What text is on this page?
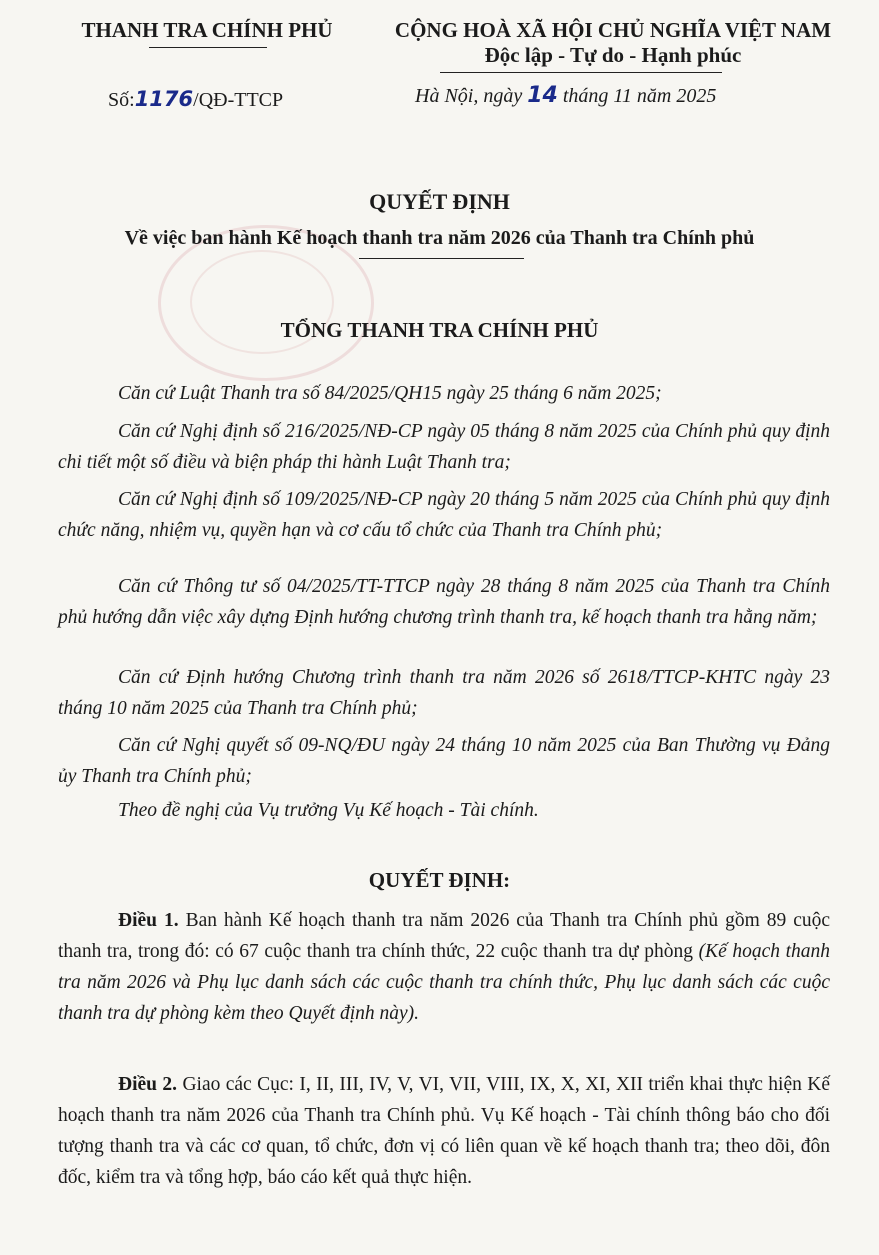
THANH TRA CHÍNH PHỦ	CỘNG HOÀ XÃ HỘI CHỦ NGHĨA VIỆT NAM
Độc lập - Tự do - Hạnh phúc
Số:1176/QĐ-TTCP	Hà Nội, ngày 14 tháng 11 năm 2025
QUYẾT ĐỊNH
Về việc ban hành Kế hoạch thanh tra năm 2026 của Thanh tra Chính phủ
TỔNG THANH TRA CHÍNH PHỦ
Căn cứ Luật Thanh tra số 84/2025/QH15 ngày 25 tháng 6 năm 2025;
Căn cứ Nghị định số 216/2025/NĐ-CP ngày 05 tháng 8 năm 2025 của Chính phủ quy định chi tiết một số điều và biện pháp thi hành Luật Thanh tra;
Căn cứ Nghị định số 109/2025/NĐ-CP ngày 20 tháng 5 năm 2025 của Chính phủ quy định chức năng, nhiệm vụ, quyền hạn và cơ cấu tổ chức của Thanh tra Chính phủ;
Căn cứ Thông tư số 04/2025/TT-TTCP ngày 28 tháng 8 năm 2025 của Thanh tra Chính phủ hướng dẫn việc xây dựng Định hướng chương trình thanh tra, kế hoạch thanh tra hằng năm;
Căn cứ Định hướng Chương trình thanh tra năm 2026 số 2618/TTCP-KHTC ngày 23 tháng 10 năm 2025 của Thanh tra Chính phủ;
Căn cứ Nghị quyết số 09-NQ/ĐU ngày 24 tháng 10 năm 2025 của Ban Thường vụ Đảng ủy Thanh tra Chính phủ;
Theo đề nghị của Vụ trưởng Vụ Kế hoạch - Tài chính.
QUYẾT ĐỊNH:
Điều 1. Ban hành Kế hoạch thanh tra năm 2026 của Thanh tra Chính phủ gồm 89 cuộc thanh tra, trong đó: có 67 cuộc thanh tra chính thức, 22 cuộc thanh tra dự phòng (Kế hoạch thanh tra năm 2026 và Phụ lục danh sách các cuộc thanh tra chính thức, Phụ lục danh sách các cuộc thanh tra dự phòng kèm theo Quyết định này).
Điều 2. Giao các Cục: I, II, III, IV, V, VI, VII, VIII, IX, X, XI, XII triển khai thực hiện Kế hoạch thanh tra năm 2026 của Thanh tra Chính phủ. Vụ Kế hoạch - Tài chính thông báo cho đối tượng thanh tra và các cơ quan, tổ chức, đơn vị có liên quan về kế hoạch thanh tra; theo dõi, đôn đốc, kiểm tra và tổng hợp, báo cáo kết quả thực hiện.
